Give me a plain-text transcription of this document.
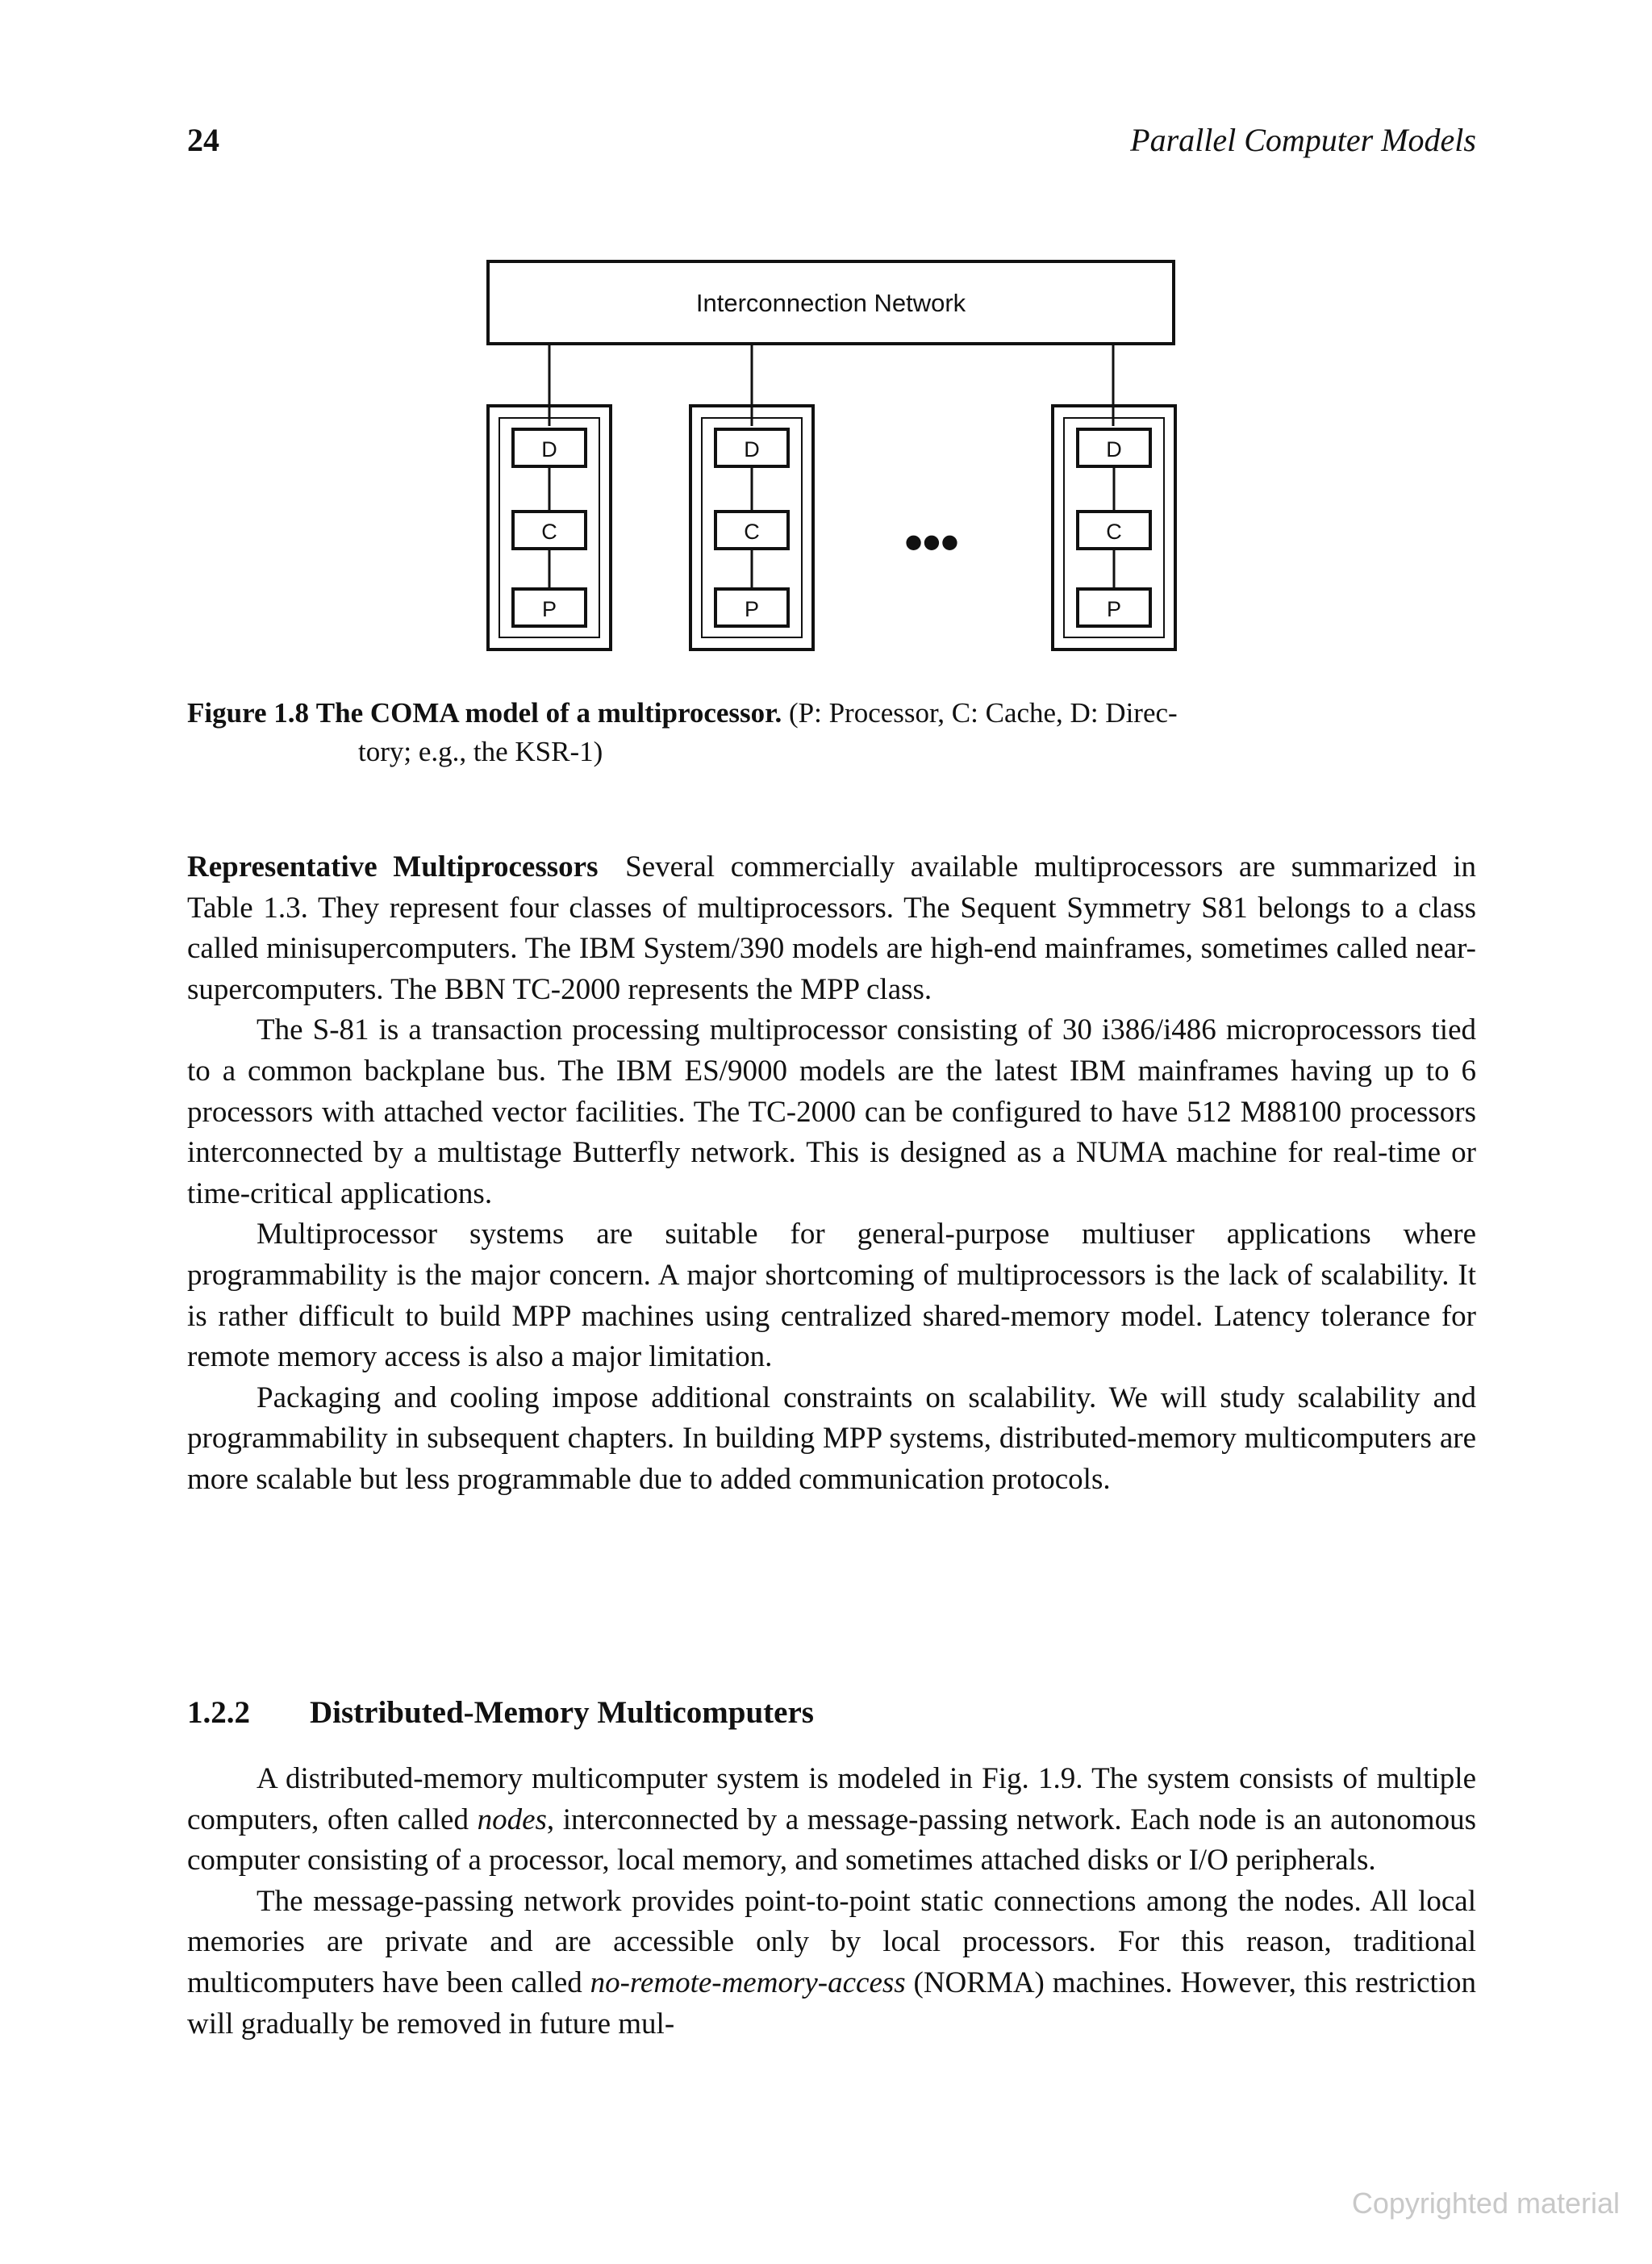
24	Parallel Computer Models
Interconnection Network
D
C
P
D
C
P
•••
D
C
P
Figure 1.8 The COMA model of a multiprocessor. (P: Processor, C: Cache, D: Direc-
tory; e.g., the KSR-1)

Representative Multiprocessors Several commercially available multiprocessors are summarized in Table 1.3. They represent four classes of multiprocessors. The Sequent Symmetry S81 belongs to a class called minisupercomputers. The IBM System/390 models are high-end mainframes, sometimes called near-supercomputers. The BBN TC-2000 represents the MPP class.

The S-81 is a transaction processing multiprocessor consisting of 30 i386/i486 microprocessors tied to a common backplane bus. The IBM ES/9000 models are the latest IBM mainframes having up to 6 processors with attached vector facilities. The TC-2000 can be configured to have 512 M88100 processors interconnected by a multistage Butterfly network. This is designed as a NUMA machine for real-time or time-critical applications.

Multiprocessor systems are suitable for general-purpose multiuser applications where programmability is the major concern. A major shortcoming of multiprocessors is the lack of scalability. It is rather difficult to build MPP machines using centralized shared-memory model. Latency tolerance for remote memory access is also a major limitation.

Packaging and cooling impose additional constraints on scalability. We will study scalability and programmability in subsequent chapters. In building MPP systems, distributed-memory multicomputers are more scalable but less programmable due to added communication protocols.

1.2.2 Distributed-Memory Multicomputers

A distributed-memory multicomputer system is modeled in Fig. 1.9. The system consists of multiple computers, often called nodes, interconnected by a message-passing network. Each node is an autonomous computer consisting of a processor, local memory, and sometimes attached disks or I/O peripherals.

The message-passing network provides point-to-point static connections among the nodes. All local memories are private and are accessible only by local processors. For this reason, traditional multicomputers have been called no-remote-memory-access (NORMA) machines. However, this restriction will gradually be removed in future mul-

Copyrighted material
